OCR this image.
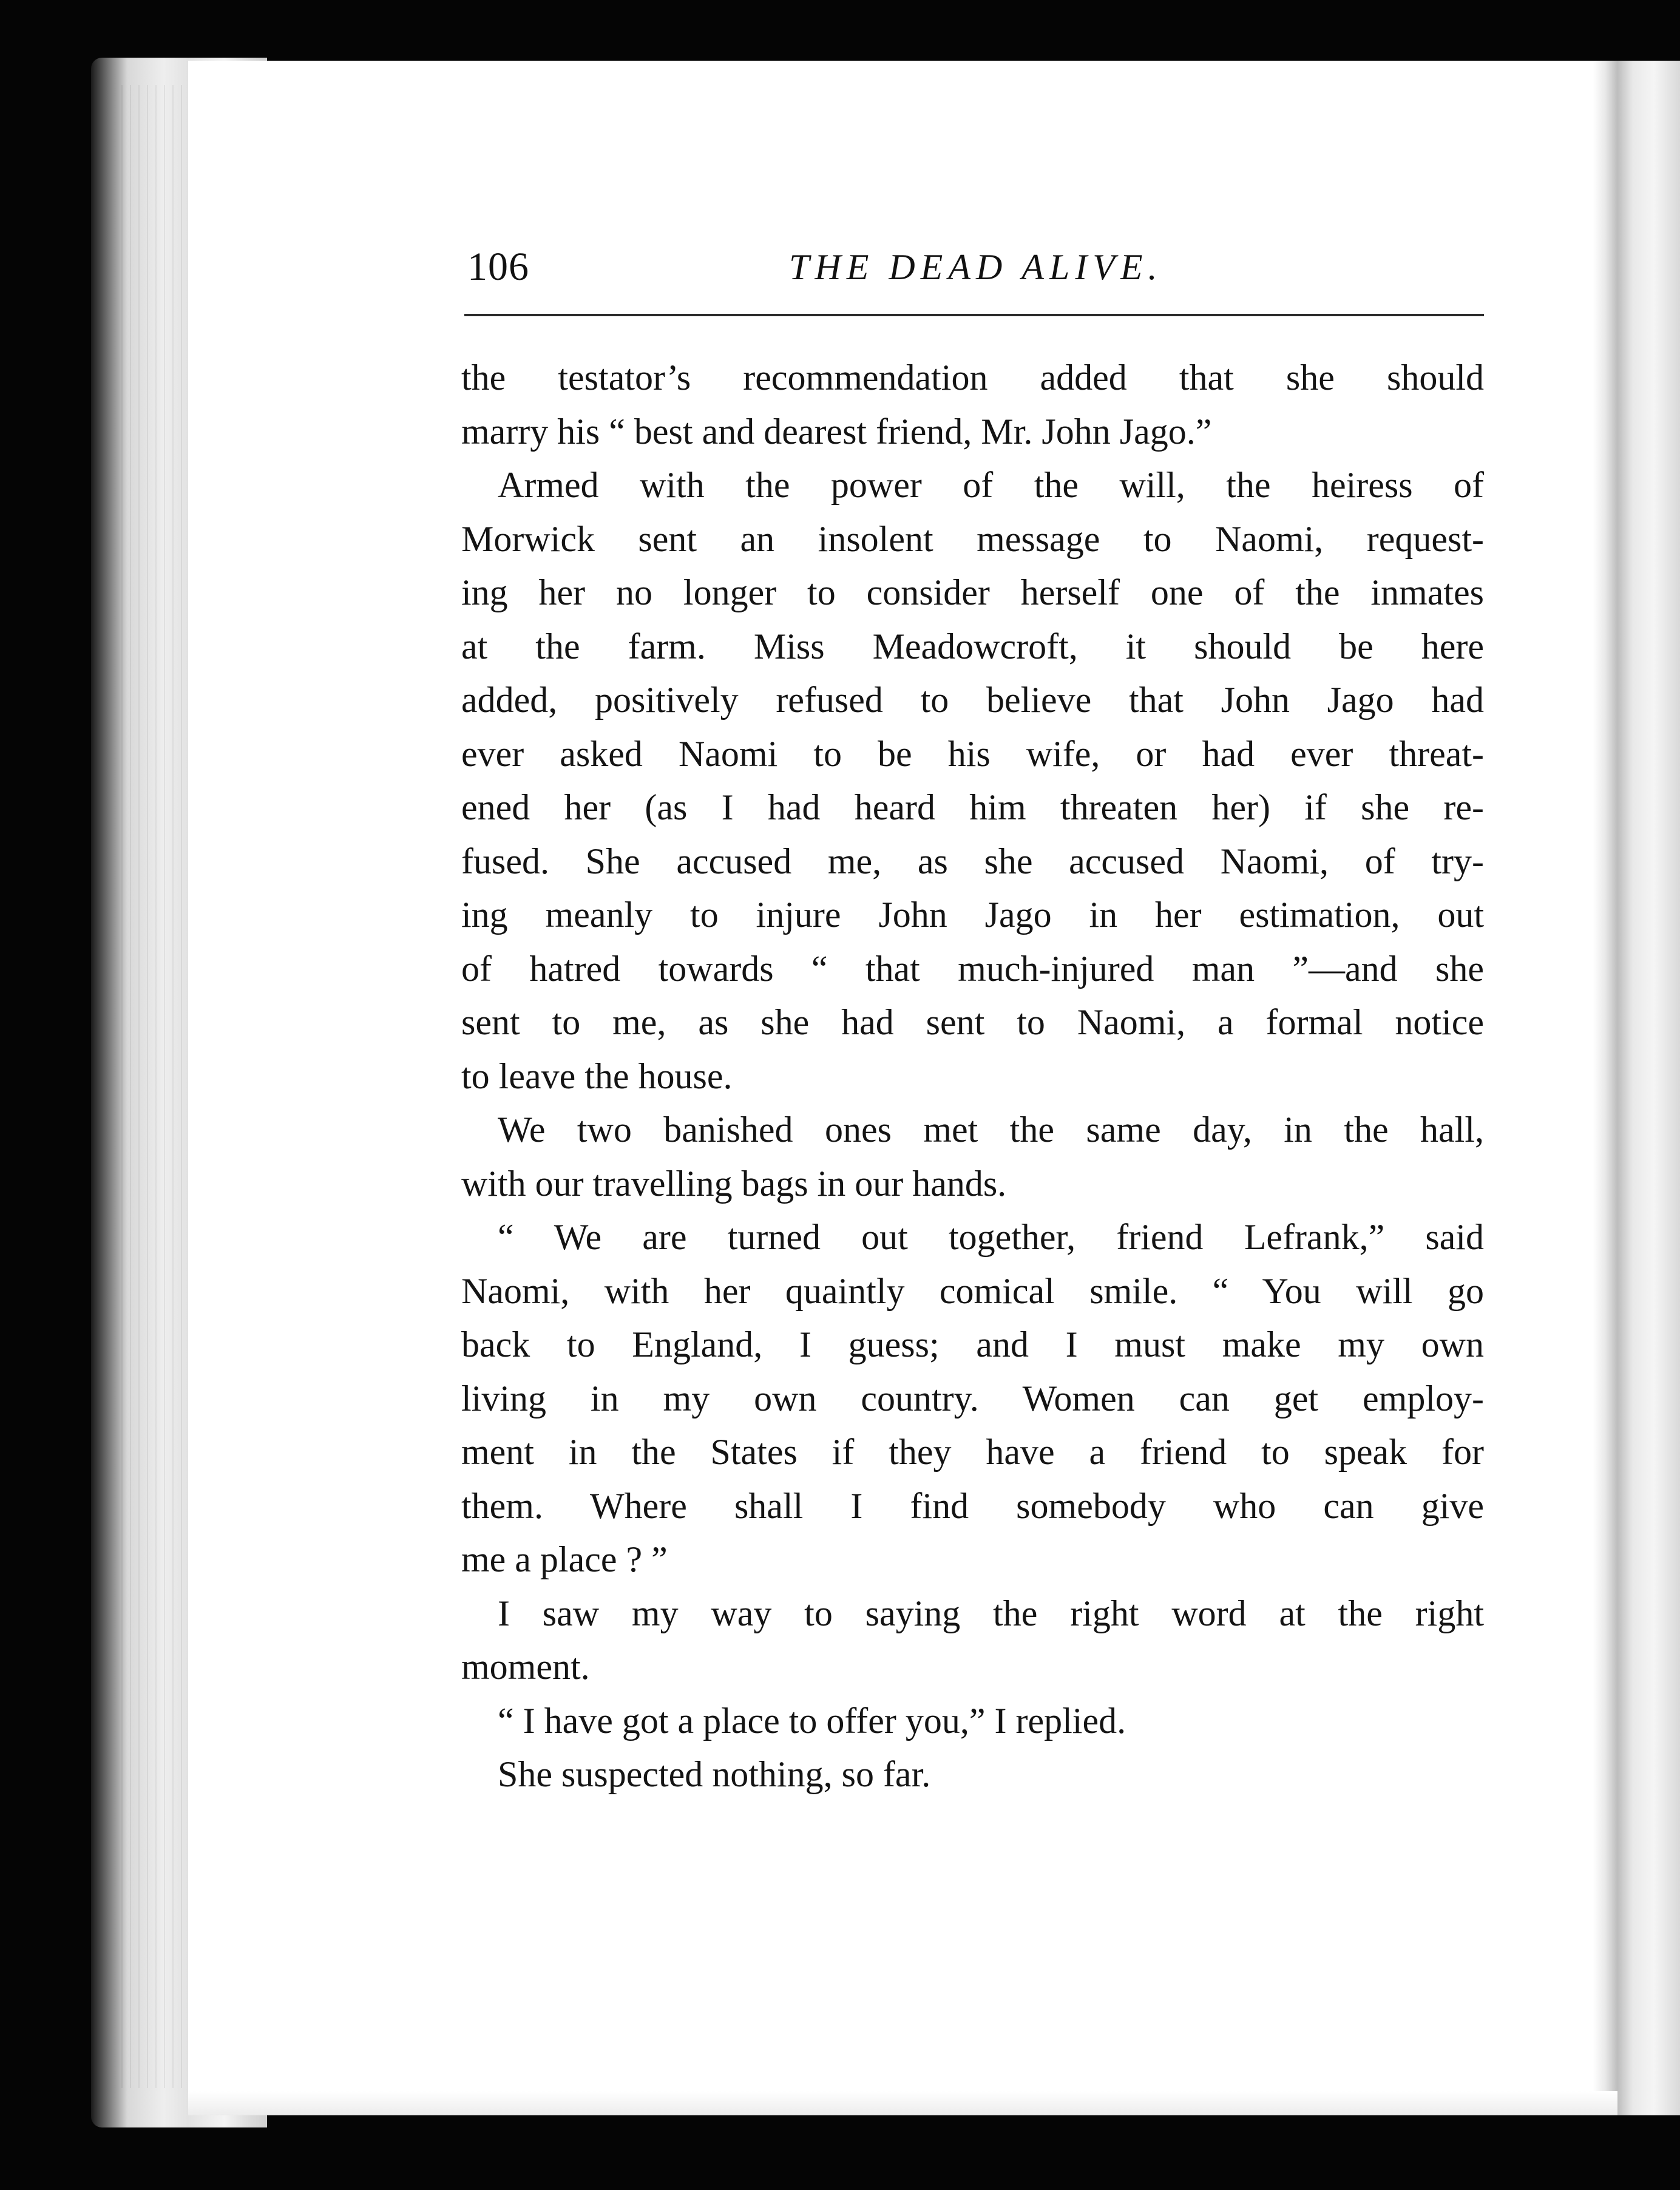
106	THE DEAD ALIVE.
the testator’s recommendation added that she should
marry his “ best and dearest friend, Mr. John Jago.”
Armed with the power of the will, the heiress of
Morwick sent an insolent message to Naomi, request-
ing her no longer to consider herself one of the inmates
at the farm. Miss Meadowcroft, it should be here
added, positively refused to believe that John Jago had
ever asked Naomi to be his wife, or had ever threat-
ened her (as I had heard him threaten her) if she re-
fused. She accused me, as she accused Naomi, of try-
ing meanly to injure John Jago in her estimation, out
of hatred towards “ that much-injured man ”—and she
sent to me, as she had sent to Naomi, a formal notice
to leave the house.
We two banished ones met the same day, in the hall,
with our travelling bags in our hands.
“ We are turned out together, friend Lefrank,” said
Naomi, with her quaintly comical smile. “ You will go
back to England, I guess; and I must make my own
living in my own country. Women can get employ-
ment in the States if they have a friend to speak for
them. Where shall I find somebody who can give
me a place ? ”
I saw my way to saying the right word at the right
moment.
“ I have got a place to offer you,” I replied.
She suspected nothing, so far.
